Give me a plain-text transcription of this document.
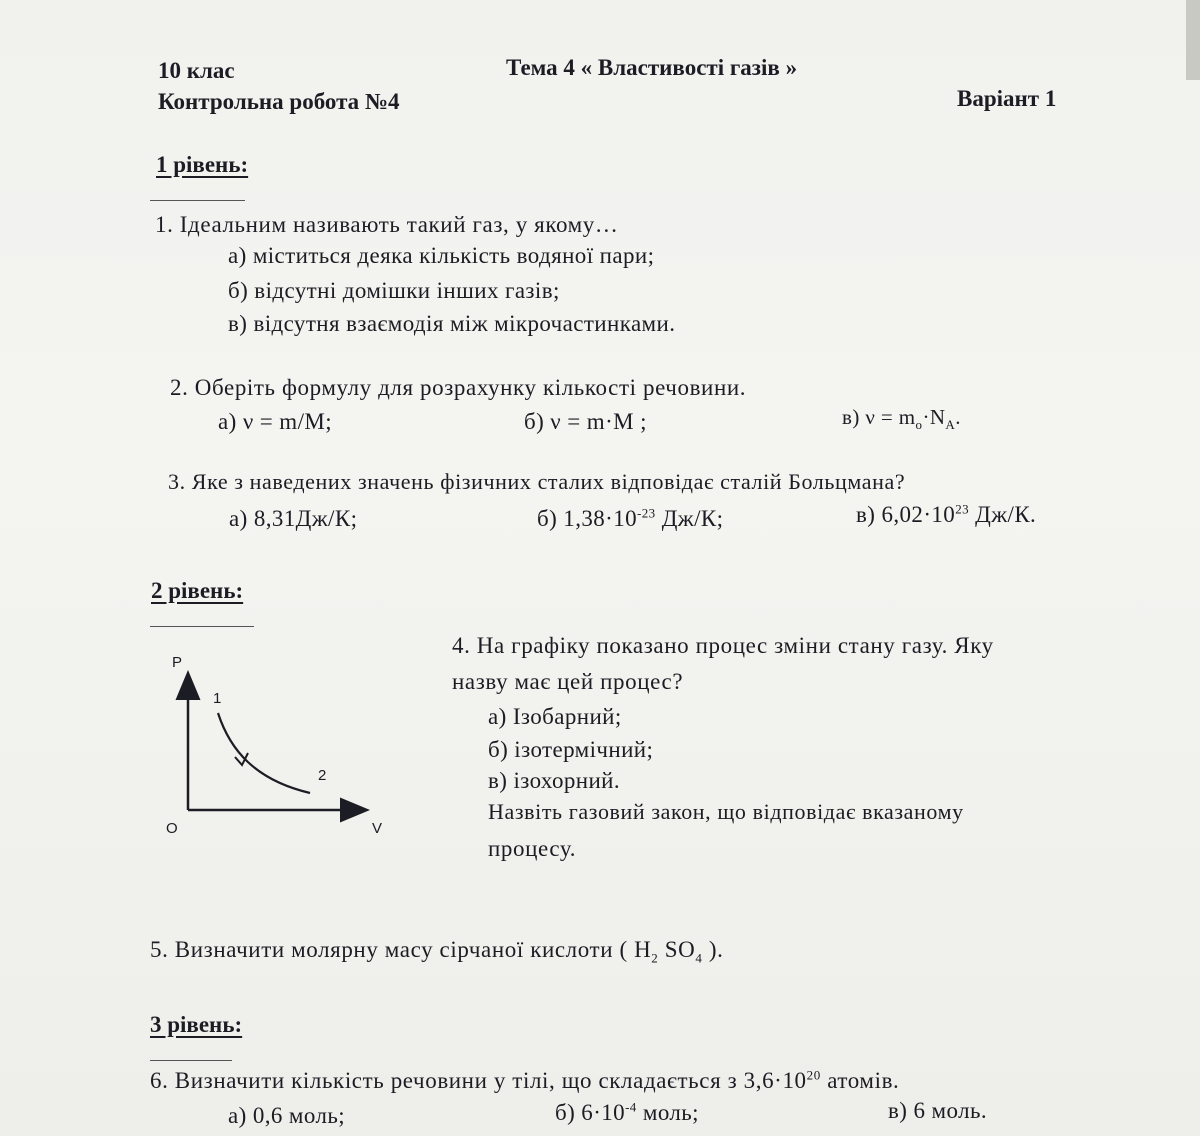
10 клас	Тема 4 « Властивості газів »
Контрольна робота №4	Варіант 1
1 рівень:
1. Ідеальним називають такий газ, у якому…
а) міститься деяка кількість водяної пари;
б) відсутні домішки інших газів;
в) відсутня взаємодія між мікрочастинками.
2. Оберіть формулу для розрахунку кількості речовини.
а) ν = m/M;	б) ν = m·M ;	в) $\nu = m_o\cdot N_A$.
3. Яке з наведених значень фізичних сталих відповідає сталій Больцмана?
а) 8,31Дж/К;	б) $1,38\cdot 10^{-23}$ Дж/К;	в) $6,02\cdot 10^{23}$ Дж/К.
2 рівень:
P
V
O
1
2
4. На графіку показано процес зміни стану газу. Яку
назву має цей процес?
а) Ізобарний;
б) ізотермічний;
в) ізохорний.
Назвіть газовий закон, що відповідає вказаному
процесу.
5. Визначити молярну масу сірчаної кислоти ( $H_2$ $SO_4$ ).
3 рівень:
6. Визначити кількість речовини у тілі, що складається з $3,6\cdot 10^{20}$ атомів.
а) 0,6 моль;	б) $6\cdot 10^{-4}$ моль;	в) 6 моль.
